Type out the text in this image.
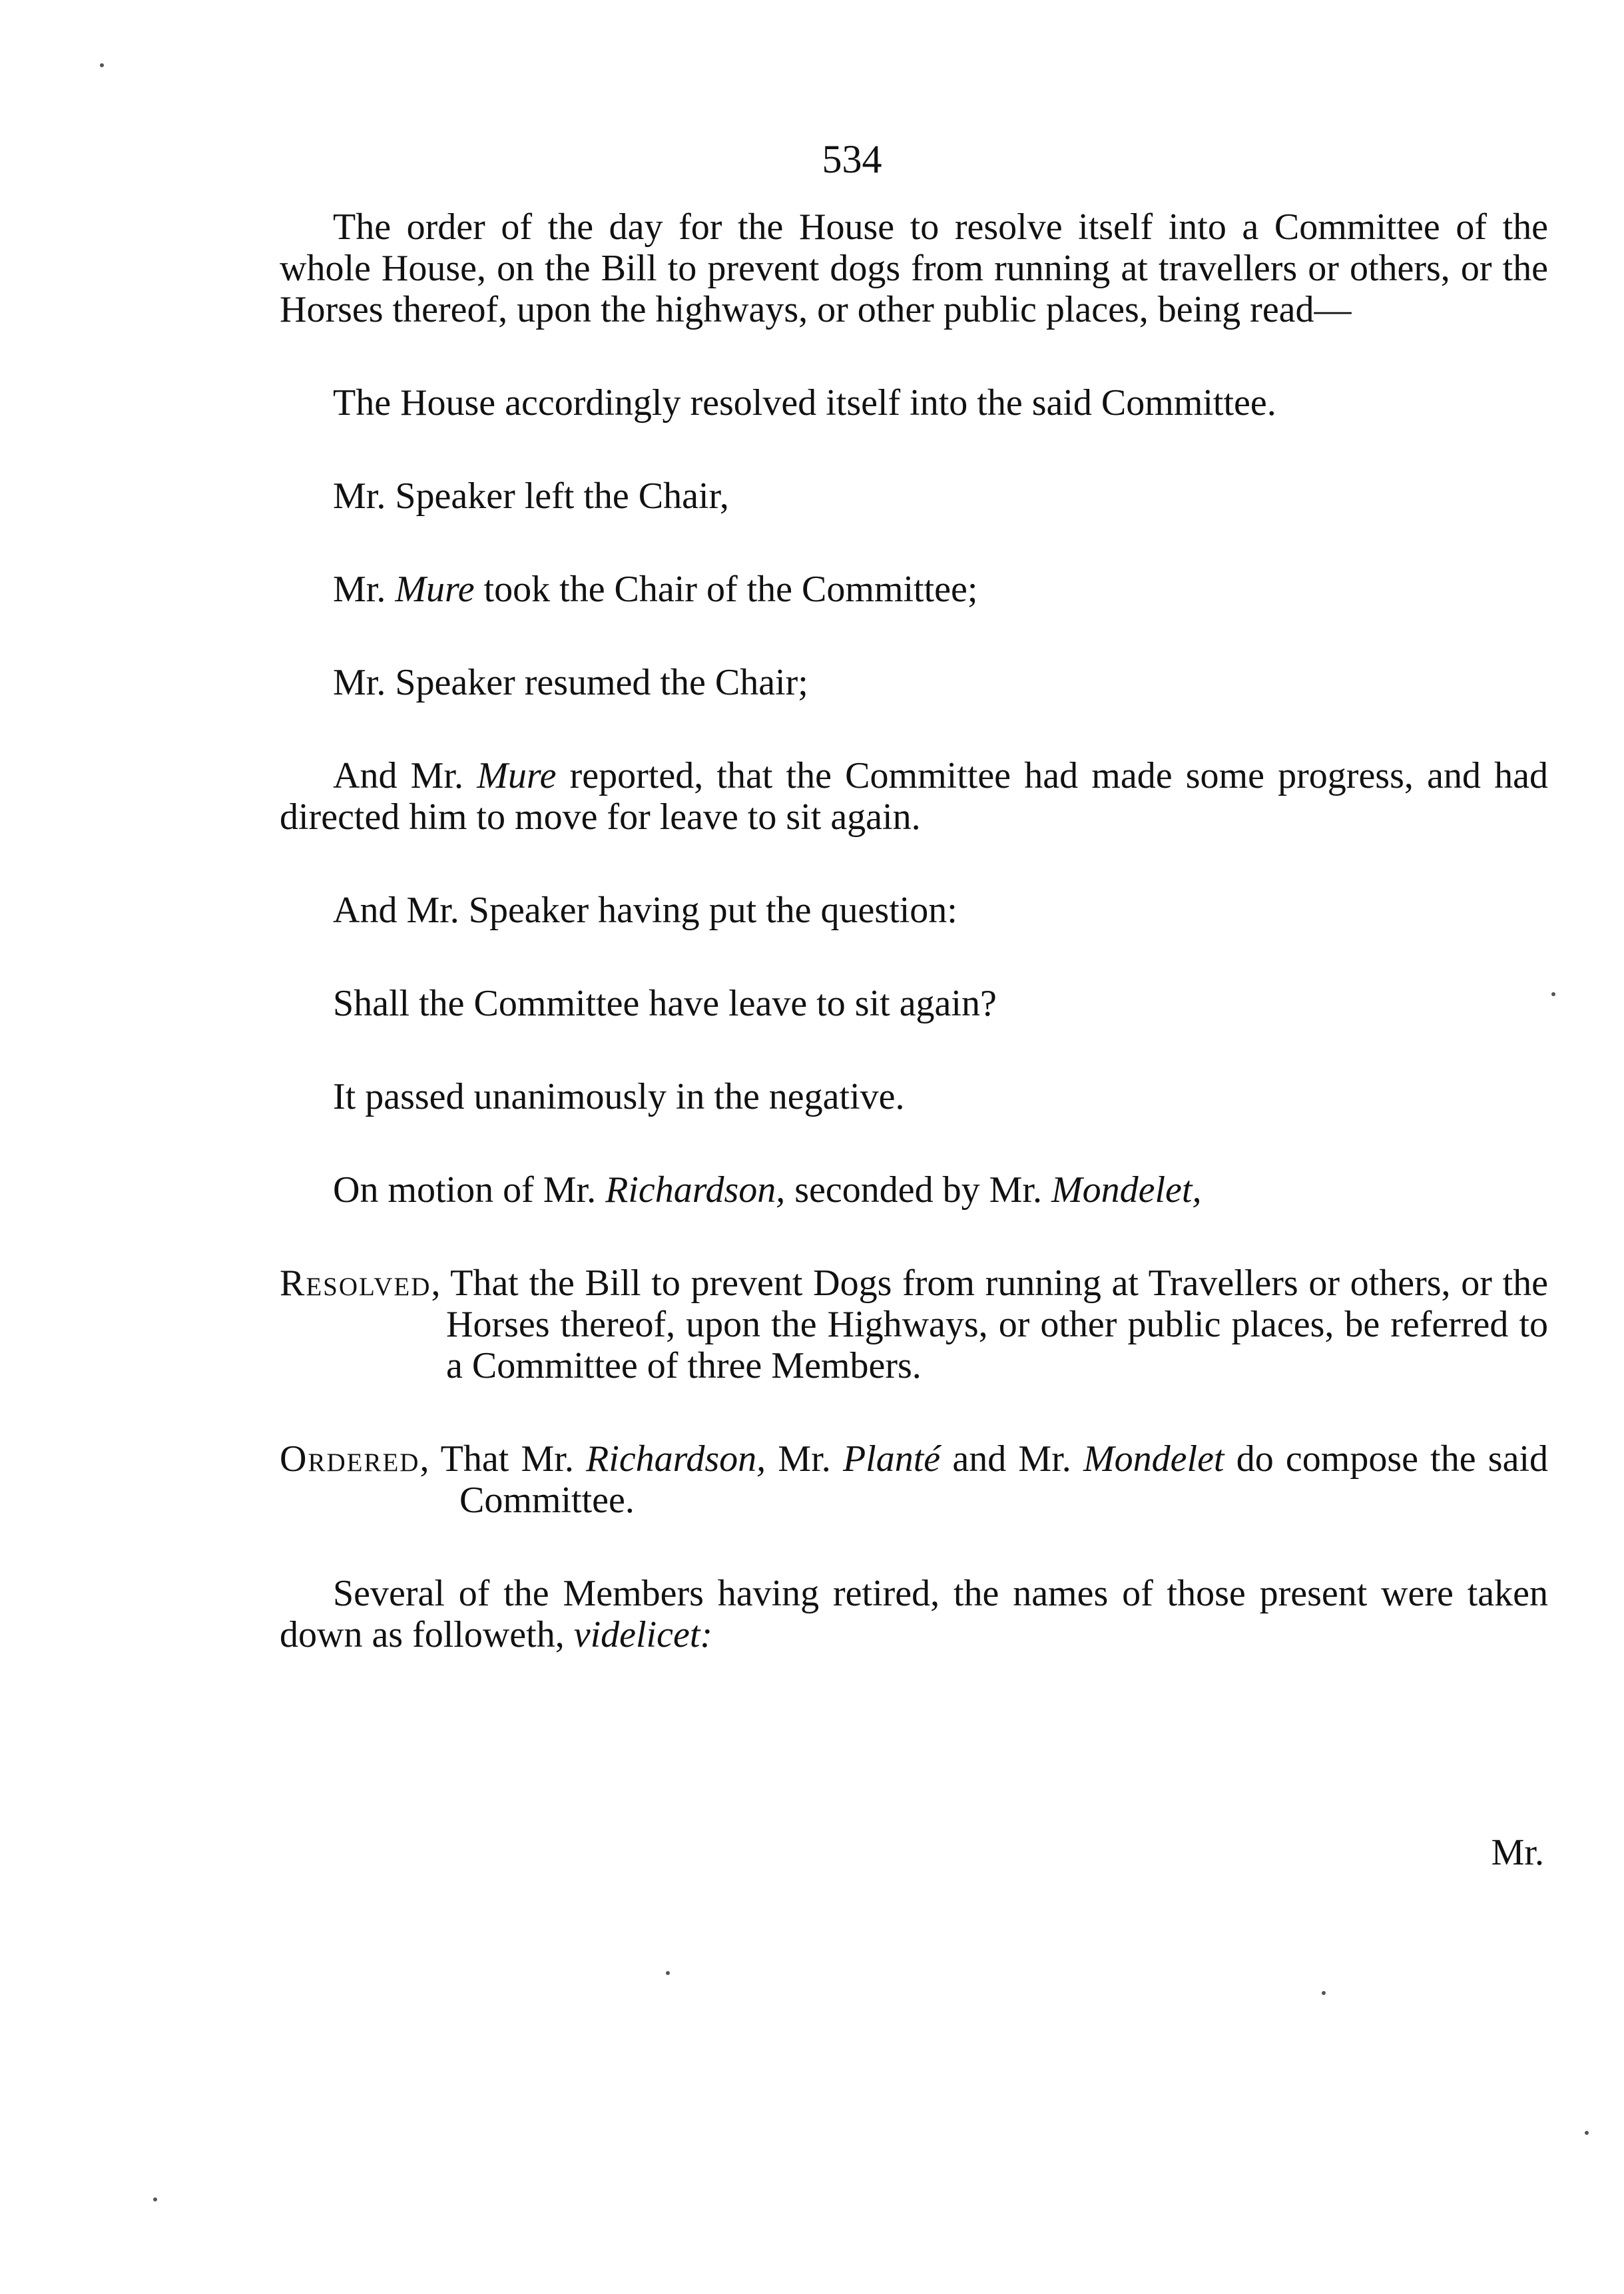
534

The order of the day for the House to resolve itself into a Committee of the whole House, on the Bill to prevent dogs from running at travellers or others, or the Horses thereof, upon the highways, or other public places, being read—

The House accordingly resolved itself into the said Committee.

Mr. Speaker left the Chair,

Mr. Mure took the Chair of the Committee;

Mr. Speaker resumed the Chair;

And Mr. Mure reported, that the Committee had made some progress, and had directed him to move for leave to sit again.

And Mr. Speaker having put the question:

Shall the Committee have leave to sit again?

It passed unanimously in the negative.

On motion of Mr. Richardson, seconded by Mr. Mondelet,

Resolved, That the Bill to prevent Dogs from running at Travellers or others, or the Horses thereof, upon the Highways, or other public places, be referred to a Committee of three Members.

Ordered, That Mr. Richardson, Mr. Planté and Mr. Mondelet do compose the said Committee.

Several of the Members having retired, the names of those present were taken down as followeth, videlicet:

Mr.
